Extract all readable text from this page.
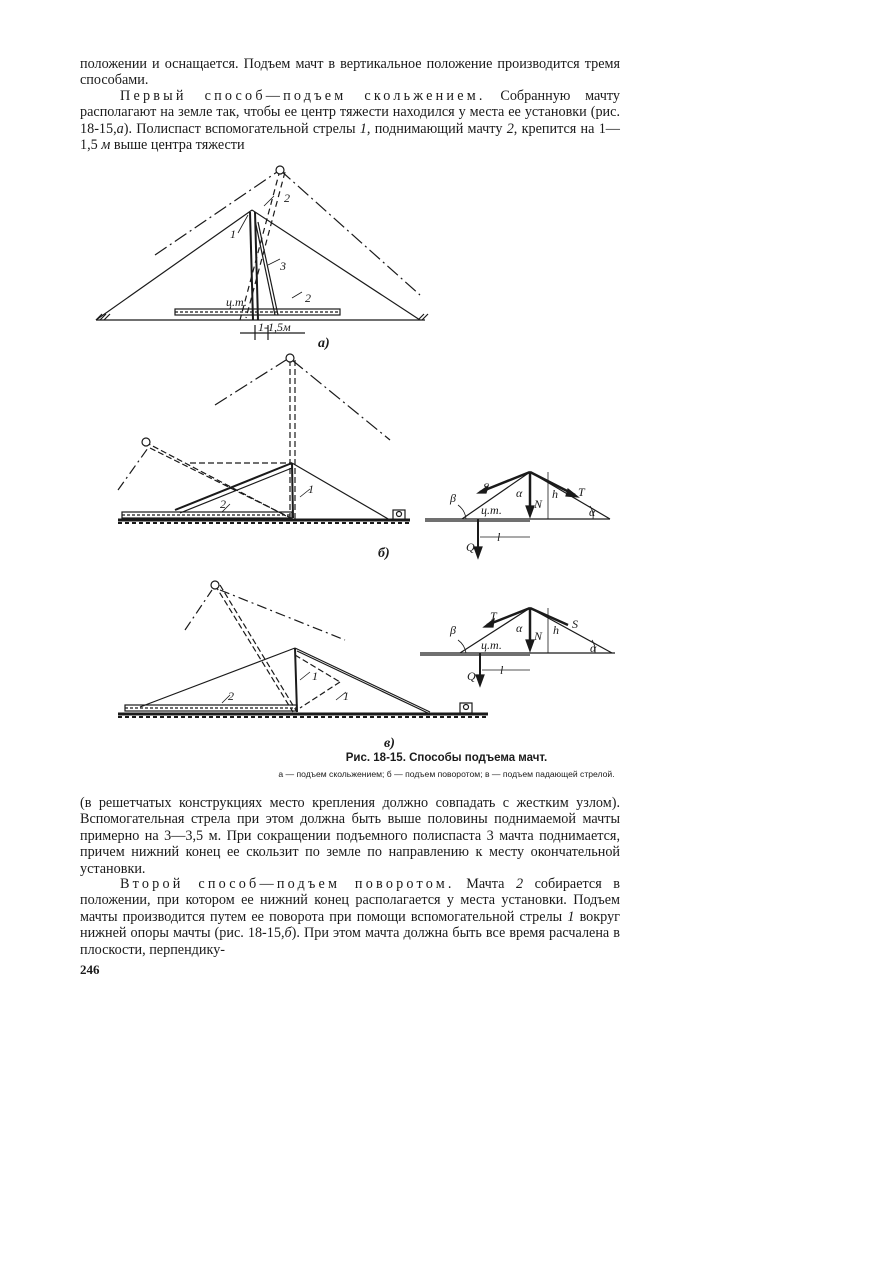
положении и оснащается. Подъем мачт в вертикальное положение производится тремя способами.

Первый способ—подъем скольжением. Собранную мачту располагают на земле так, чтобы ее центр тяжести находился у места ее установки (рис. 18-15,а). Полиспаст вспомогательной стрелы 1, поднимающий мачту 2, крепится на 1—1,5 м выше центра тяжести

2
1
3
2
ц.т.
1-1,5м
а)
1
2
б)
S	T
N
α
α
β	h
ц.т.
l
Q
1
1
2
в)
T
S
N
α
α
β	h
ц.т.
l
Q
Рис. 18-15. Способы подъема мачт.
а — подъем скольжением; б — подъем поворотом; в — подъем падающей стрелой.

(в решетчатых конструкциях место крепления должно совпадать с жестким узлом). Вспомогательная стрела при этом должна быть выше половины поднимаемой мачты примерно на 3—3,5 м. При сокращении подъемного полиспаста 3 мачта поднимается, причем нижний конец ее скользит по земле по направлению к месту окончательной установки.

Второй способ—подъем поворотом. Мачта 2 собирается в положении, при котором ее нижний конец располагается у места установки. Подъем мачты производится путем ее поворота при помощи вспомогательной стрелы 1 вокруг нижней опоры мачты (рис. 18-15,б). При этом мачта должна быть все время расчалена в плоскости, перпендику-

246
